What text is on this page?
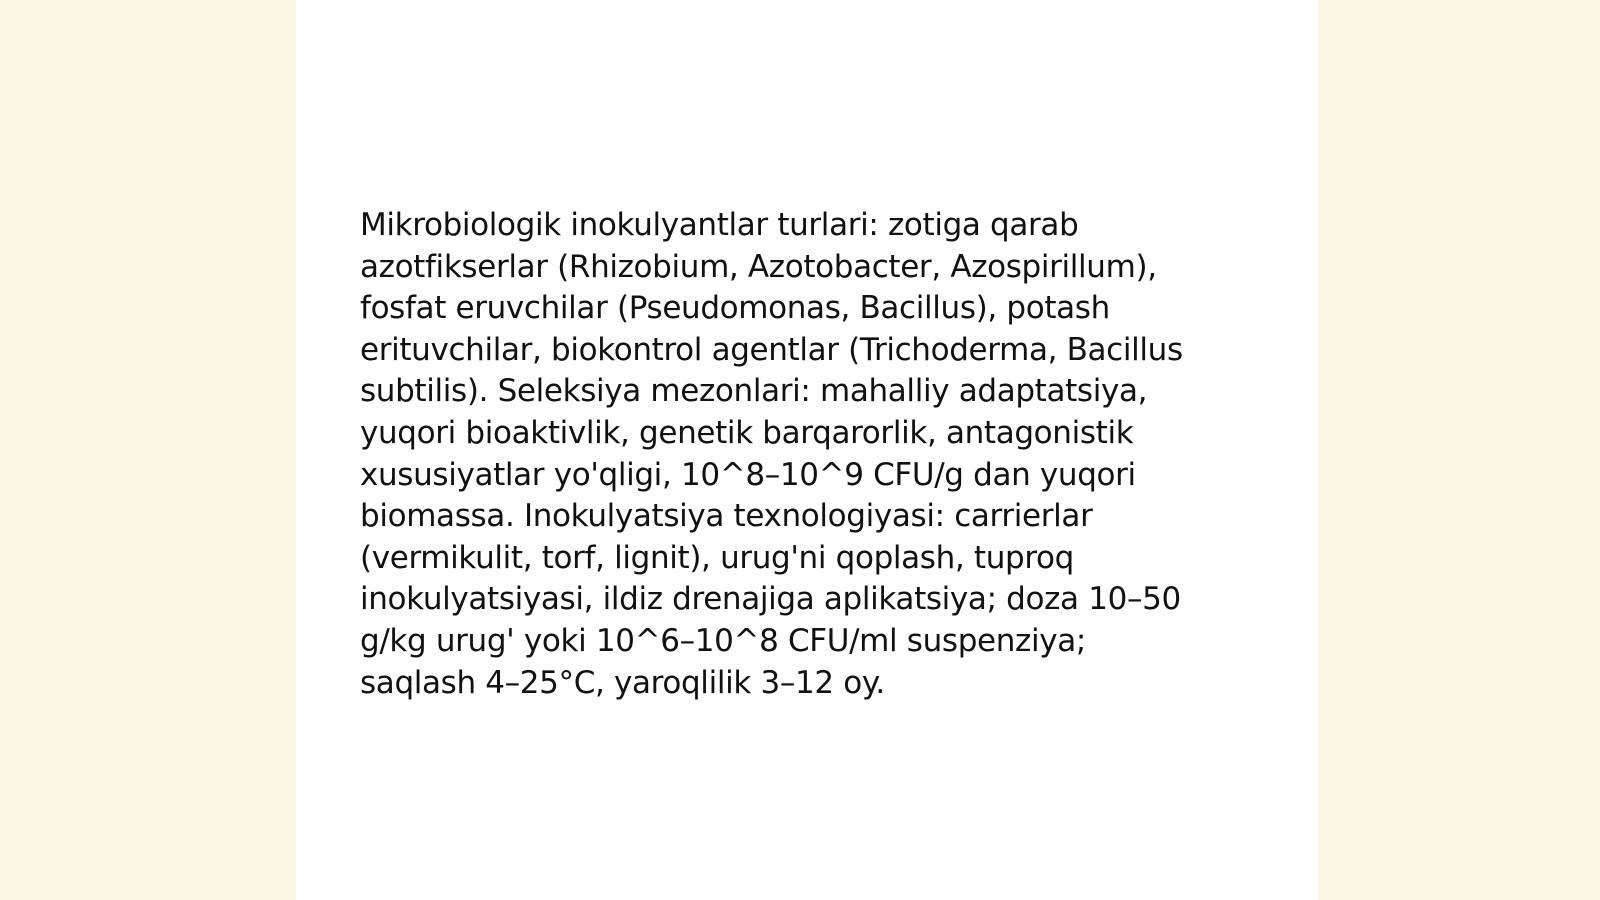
Mikrobiologik inokulyantlar turlari: zotiga qarab
azotfikserlar (Rhizobium, Azotobacter, Azospirillum),
fosfat eruvchilar (Pseudomonas, Bacillus), potash
erituvchilar, biokontrol agentlar (Trichoderma, Bacillus
subtilis). Seleksiya mezonlari: mahalliy adaptatsiya,
yuqori bioaktivlik, genetik barqarorlik, antagonistik
xususiyatlar yo'qligi, 10^8–10^9 CFU/g dan yuqori
biomassa. Inokulyatsiya texnologiyasi: carrierlar
(vermikulit, torf, lignit), urug'ni qoplash, tuproq
inokulyatsiyasi, ildiz drenajiga aplikatsiya; doza 10–50
g/kg urug' yoki 10^6–10^8 CFU/ml suspenziya;
saqlash 4–25°C, yaroqlilik 3–12 oy.
